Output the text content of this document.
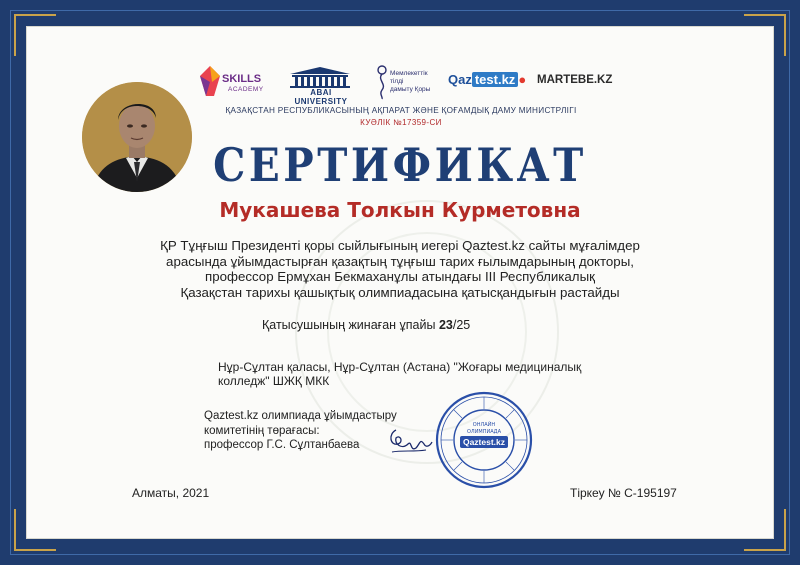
SKILLS
ACADEMY	ABAI UNIVERSITY
Мемлекеттік
тілді
дамыту Қоры
Qaz test.kz ● MARTEBE.KZ
ҚАЗАҚСТАН РЕСПУБЛИКАСЫНЫҢ АҚПАРАТ ЖӘНЕ ҚОҒАМДЫҚ ДАМУ МИНИСТРЛІГІ
КУӘЛІК №17359-СИ
СЕРТИФИКАТ
Мукашева Толкын Курметовна
ҚР Тұңғыш Президенті қоры сыйлығының иегері Qaztest.kz сайты мұғалімдер
арасында ұйымдастырған қазақтың тұңғыш тарих ғылымдарының докторы,
профессор Ермұхан Бекмаханұлы атындағы III Республикалық
Қазақстан тарихы қашықтық олимпиадасына қатысқандығын растайды
Қатысушының жинаған ұпайы 23/25
Нұр-Сұлтан қаласы, Нұр-Сұлтан (Астана) "Жоғары медициналық
колледж" ШЖҚ МКК
Qaztest.kz олимпиада ұйымдастыру
комитетінің төрағасы:
профессор Г.С. Сұлтанбаева
ОНЛАЙН
ОЛИМПИАДА
Qaztest.kz
Алматы, 2021	Тіркеу № С-195197
